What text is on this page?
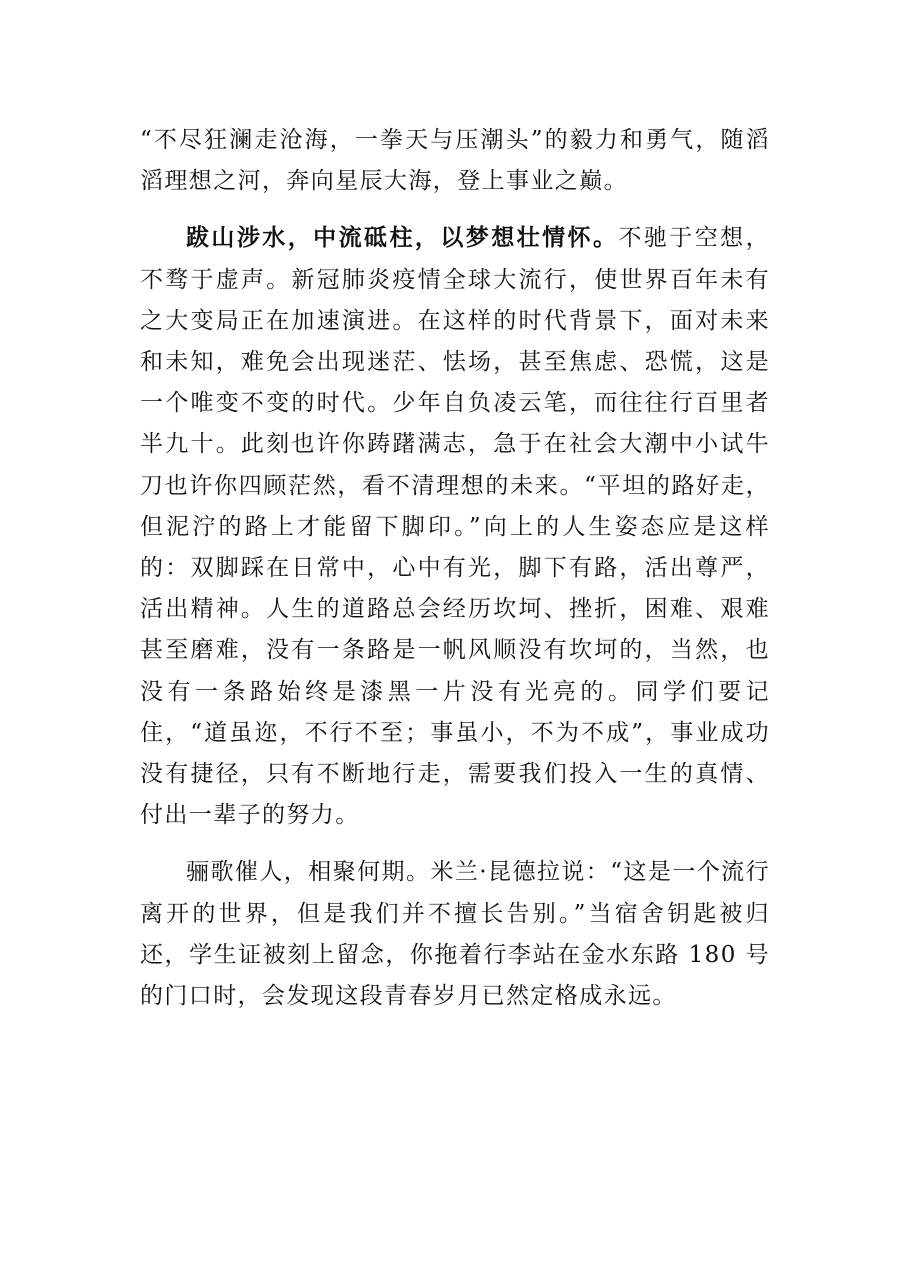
“不尽狂澜走沧海，一拳天与压潮头”的毅力和勇气，随滔滔理想之河，奔向星辰大海，登上事业之巅。

跋山涉水，中流砥柱，以梦想壮情怀。不驰于空想，不骛于虚声。新冠肺炎疫情全球大流行，使世界百年未有之大变局正在加速演进。在这样的时代背景下，面对未来和未知，难免会出现迷茫、怯场，甚至焦虑、恐慌，这是一个唯变不变的时代。少年自负凌云笔，而往往行百里者半九十。此刻也许你踌躇满志，急于在社会大潮中小试牛刀也许你四顾茫然，看不清理想的未来。“平坦的路好走，但泥泞的路上才能留下脚印。”向上的人生姿态应是这样的：双脚踩在日常中，心中有光，脚下有路，活出尊严，活出精神。人生的道路总会经历坎坷、挫折，困难、艰难甚至磨难，没有一条路是一帆风顺没有坎坷的，当然，也没有一条路始终是漆黑一片没有光亮的。同学们要记住，“道虽迩，不行不至；事虽小，不为不成”，事业成功没有捷径，只有不断地行走，需要我们投入一生的真情、付出一辈子的努力。

骊歌催人，相聚何期。米兰·昆德拉说：“这是一个流行离开的世界，但是我们并不擅长告别。”当宿舍钥匙被归还，学生证被刻上留念，你拖着行李站在金水东路 180 号的门口时，会发现这段青春岁月已然定格成永远。
